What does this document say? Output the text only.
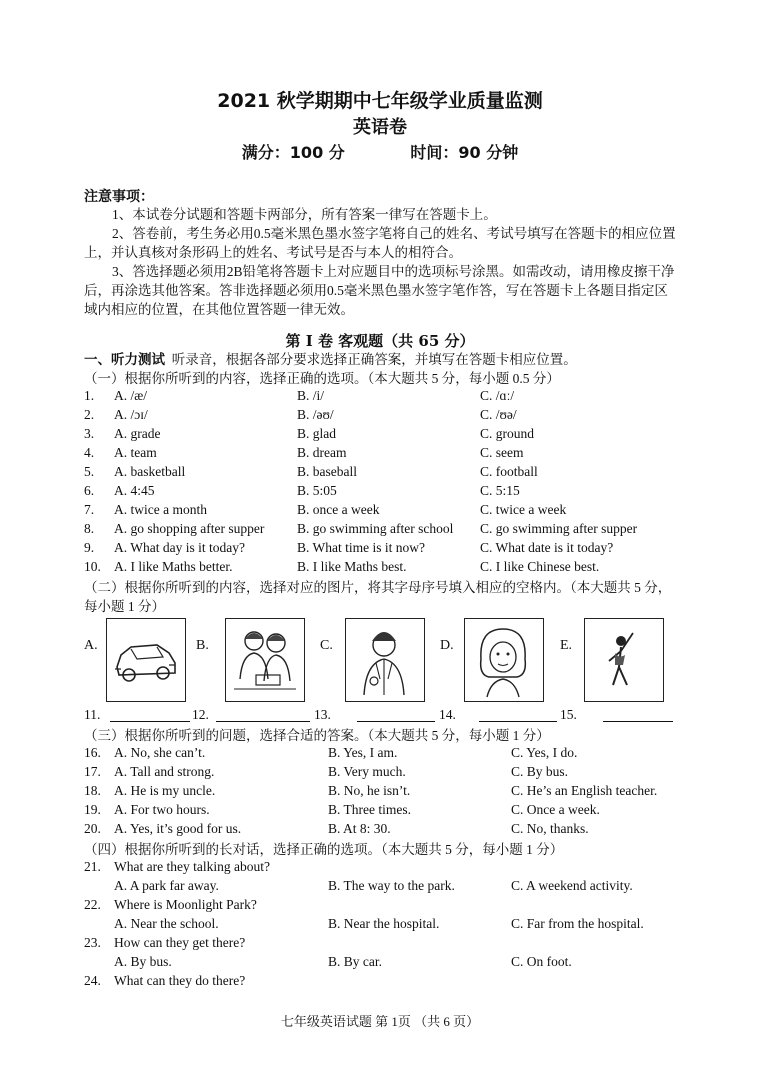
2021 秋学期期中七年级学业质量监测
英语卷
满分：100 分	时间：90 分钟
注意事项：
1、本试卷分试题和答题卡两部分，所有答案一律写在答题卡上。
2、答卷前，考生务必用0.5毫米黑色墨水签字笔将自己的姓名、考试号填写在答题卡的相应位置上，并认真核对条形码上的姓名、考试号是否与本人的相符合。
3、答选择题必须用2B铅笔将答题卡上对应题目中的选项标号涂黑。如需改动，请用橡皮擦干净后，再涂选其他答案。答非选择题必须用0.5毫米黑色墨水签字笔作答，写在答题卡上各题目指定区域内相应的位置，在其他位置答题一律无效。
第 I 卷 客观题（共 65 分）
一、听力测试 听录音，根据各部分要求选择正确答案，并填写在答题卡相应位置。
（一）根据你所听到的内容，选择正确的选项。（本大题共 5 分，每小题 0.5 分）
1. A. /æ/	B. /i/	C. /ɑː/
2. A. /ɔɪ/	B. /əʊ/	C. /ʊə/
3. A. grade	B. glad	C. ground
4. A. team	B. dream	C. seem
5. A. basketball	B. baseball	C. football
6. A. 4:45	B. 5:05	C. 5:15
7. A. twice a month	B. once a week	C. twice a week
8. A. go shopping after supper B. go swimming after school C. go swimming after supper
9. A. What day is it today?	B. What time is it now?	C. What date is it today?
10. A. I like Maths better.	B. I like Maths best.	C. I like Chinese best.
（二）根据你所听到的内容，选择对应的图片，将其字母序号填入相应的空格内。（本大题共 5 分，每小题 1 分）
A.	B.	C.	D.	E.
11.	12.	13.	14.	15.
（三）根据你所听到的问题，选择合适的答案。（本大题共 5 分，每小题 1 分）
16. A. No, she can’t.	B. Yes, I am.	C. Yes, I do.
17. A. Tall and strong.	B. Very much.	C. By bus.
18. A. He is my uncle.	B. No, he isn’t.	C. He’s an English teacher.
19. A. For two hours.	B. Three times.	C. Once a week.
20. A. Yes, it’s good for us.	B. At 8: 30.	C. No, thanks.
（四）根据你所听到的长对话，选择正确的选项。（本大题共 5 分，每小题 1 分）
21. What are they talking about?
A. A park far away.	B. The way to the park.	C. A weekend activity.
22. Where is Moonlight Park?
A. Near the school.	B. Near the hospital.	C. Far from the hospital.
23. How can they get there?
A. By bus.	B. By car.	C. On foot.
24. What can they do there?
七年级英语试题 第 1页 （共 6 页）
